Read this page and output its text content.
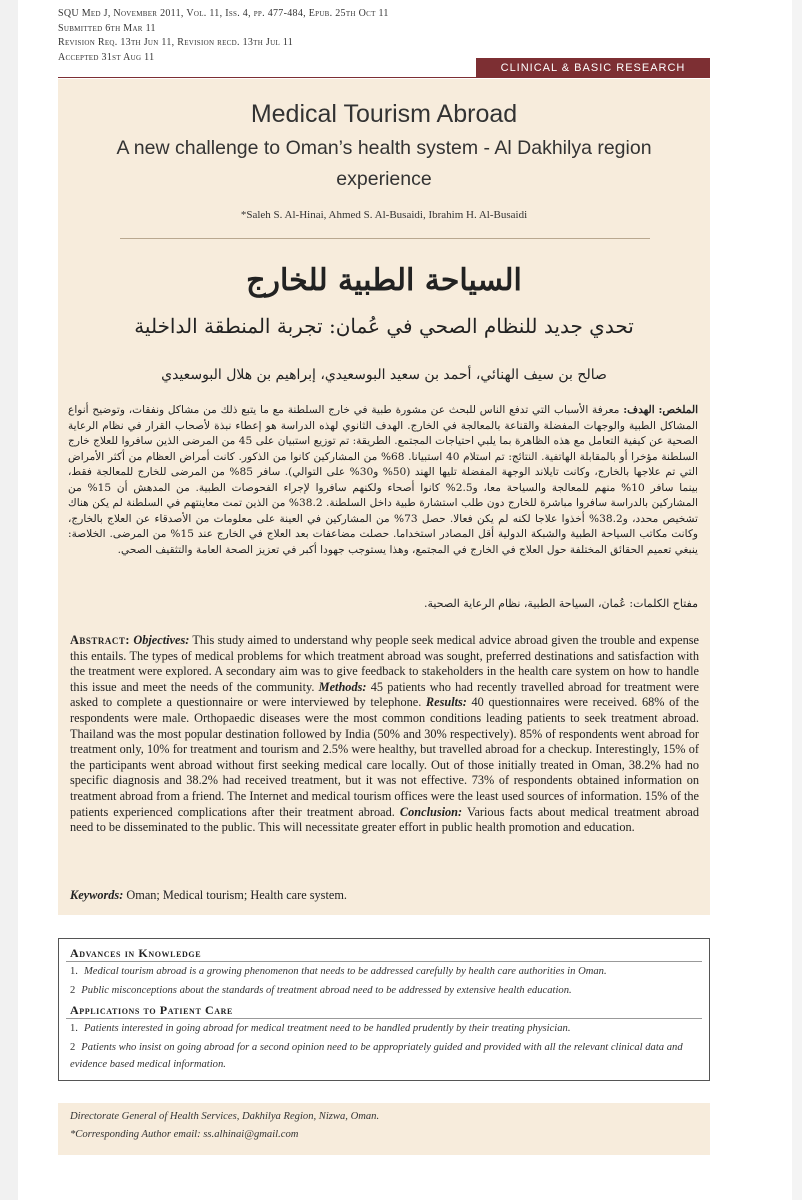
SQU Med J, November 2011, Vol. 11, Iss. 4, pp. 477-484, Epub. 25th Oct 11
Submitted 6th Mar 11
Revision Req. 13th Jun 11, Revision recd. 13th Jul 11
Accepted 31st Aug 11
CLINICAL & BASIC RESEARCH
Medical Tourism Abroad
A new challenge to Oman’s health system - Al Dakhilya region experience
*Saleh S. Al-Hinai, Ahmed S. Al-Busaidi, Ibrahim H. Al-Busaidi
السياحة الطبية للخارج
تحدي جديد للنظام الصحي في عُمان: تجربة المنطقة الداخلية
صالح بن سيف الهنائي، أحمد بن سعيد البوسعيدي، إبراهيم بن هلال البوسعيدي
الملخص: الهدف: معرفة الأسباب التي تدفع الناس للبحث عن مشورة طبية في خارج السلطنة مع ما يتبع ذلك من مشاكل ونفقات، وتوضيح أنواع المشاكل الطبية والوجهات المفضلة والقناعة بالمعالجة في الخارج. الهدف الثانوي لهذه الدراسة هو إعطاء نبذة لأصحاب القرار في نظام الرعاية الصحية عن كيفية التعامل مع هذه الظاهرة بما يلبي احتياجات المجتمع. الطريقة: تم توزيع استبيان على 45 من المرضى الذين سافروا للعلاج خارج السلطنة مؤخرا أو بالمقابلة الهاتفية. النتائج: تم استلام 40 استبيانا. 68% من المشاركين كانوا من الذكور. كانت أمراض العظام من أكثر الأمراض التي تم علاجها بالخارج، وكانت تايلاند الوجهة المفضلة تليها الهند (50% و30% على التوالي). سافر 85% من المرضى للخارج للمعالجة فقط، بينما سافر 10% منهم للمعالجة والسياحة معا، و2.5% كانوا أصحاء ولكنهم سافروا لإجراء الفحوصات الطبية. من المدهش أن 15% من المشاركين بالدراسة سافروا مباشرة للخارج دون طلب استشارة طبية داخل السلطنة. 38.2% من الذين تمت معاينتهم في السلطنة لم يكن هناك تشخيص محدد، و38.2% أخذوا علاجا لكنه لم يكن فعالا. حصل 73% من المشاركين في العينة على معلومات من الأصدقاء عن العلاج بالخارج، وكانت مكاتب السياحة الطبية والشبكة الدولية أقل المصادر استخداما. حصلت مضاعفات بعد العلاج في الخارج عند 15% من المرضى. الخلاصة: ينبغي تعميم الحقائق المختلفة حول العلاج في الخارج في المجتمع، وهذا يستوجب جهودا أكبر في تعزيز الصحة العامة والتثقيف الصحي.
مفتاح الكلمات: عُمان، السياحة الطبية، نظام الرعاية الصحية.
Abstract: Objectives: This study aimed to understand why people seek medical advice abroad given the trouble and expense this entails. The types of medical problems for which treatment abroad was sought, preferred destinations and satisfaction with the treatment were explored. A secondary aim was to give feedback to stakeholders in the health care system on how to handle this issue and meet the needs of the community. Methods: 45 patients who had recently travelled abroad for treatment were asked to complete a questionnaire or were interviewed by telephone. Results: 40 questionnaires were received. 68% of the respondents were male. Orthopaedic diseases were the most common conditions leading patients to seek treatment abroad. Thailand was the most popular destination followed by India (50% and 30% respectively). 85% of respondents went abroad for treatment only, 10% for treatment and tourism and 2.5% were healthy, but travelled abroad for a checkup. Interestingly, 15% of the participants went abroad without first seeking medical care locally. Out of those initially treated in Oman, 38.2% had no specific diagnosis and 38.2% had received treatment, but it was not effective. 73% of respondents obtained information on treatment abroad from a friend. The Internet and medical tourism offices were the least used sources of information. 15% of the patients experienced complications after their treatment abroad. Conclusion: Various facts about medical treatment abroad need to be disseminated to the public. This will necessitate greater effort in public health promotion and education.
Keywords: Oman; Medical tourism; Health care system.
Advances in Knowledge
1. Medical tourism abroad is a growing phenomenon that needs to be addressed carefully by health care authorities in Oman.
2 Public misconceptions about the standards of treatment abroad need to be addressed by extensive health education.
Applications to Patient Care
1. Patients interested in going abroad for medical treatment need to be handled prudently by their treating physician.
2 Patients who insist on going abroad for a second opinion need to be appropriately guided and provided with all the relevant clinical data and evidence based medical information.
Directorate General of Health Services, Dakhilya Region, Nizwa, Oman.
*Corresponding Author email: ss.alhinai@gmail.com
